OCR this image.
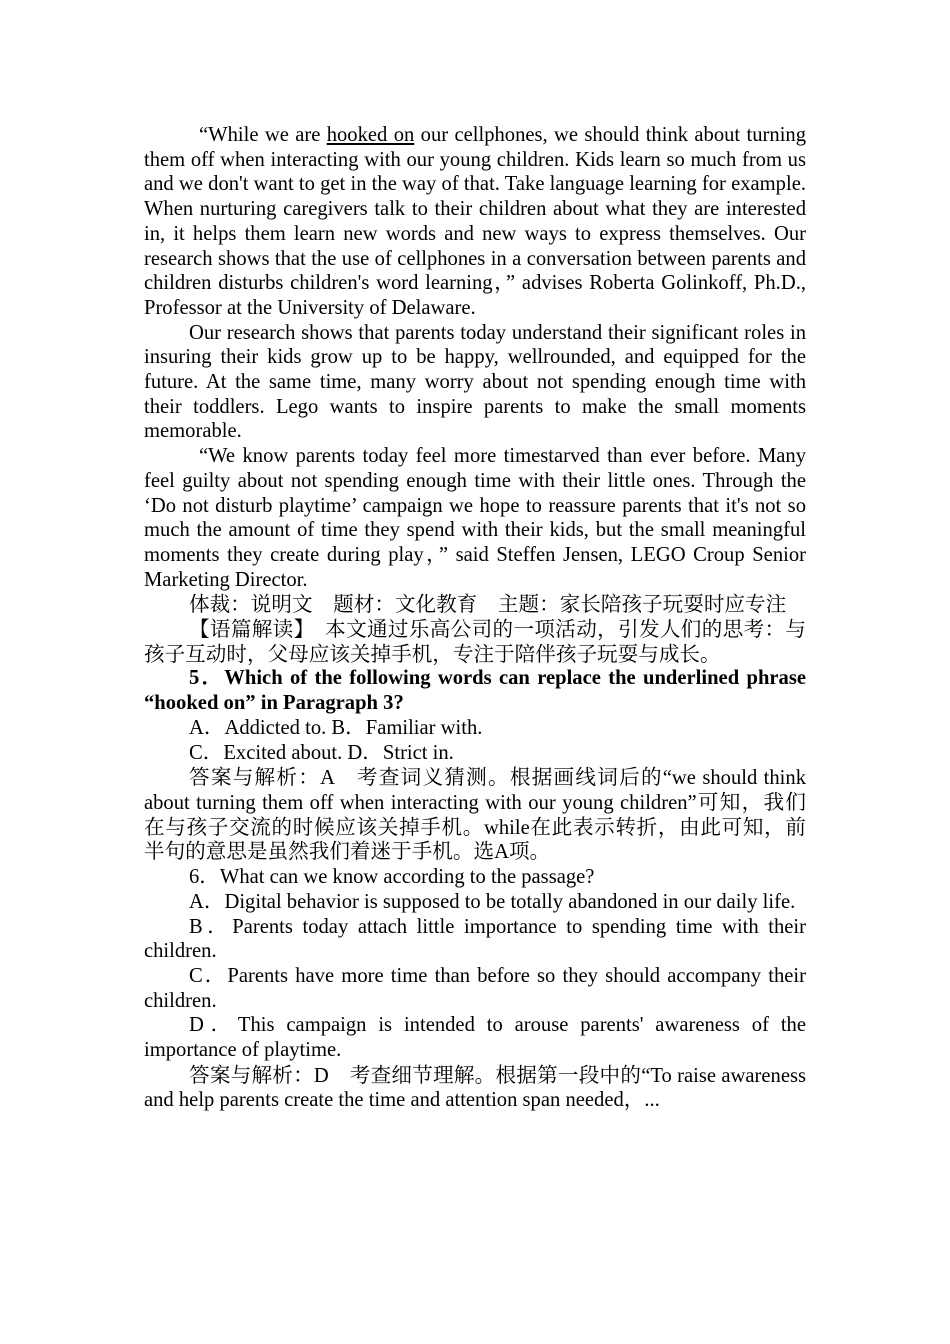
“While we are hooked on our cellphones, we should think about turning them off when interacting with our young children. Kids learn so much from us and we don't want to get in the way of that. Take language learning for example. When nurturing caregivers talk to their children about what they are interested in, it helps them learn new words and new ways to express themselves. Our research shows that the use of cellphones in a conversation between parents and children disturbs children's word learning，” advises Roberta Golinkoff, Ph.D., Professor at the University of Delaware.

Our research shows that parents today understand their significant roles in insuring their kids grow up to be happy, wellrounded, and equipped for the future. At the same time, many worry about not spending enough time with their toddlers. Lego wants to inspire parents to make the small moments memorable.

“We know parents today feel more timestarved than ever before. Many feel guilty about not spending enough time with their little ones. Through the ‘Do not disturb playtime’ campaign we hope to reassure parents that it's not so much the amount of time they spend with their kids, but the small meaningful moments they create during play，” said Steffen Jensen, LEGO Croup Senior Marketing Director.

体裁：说明文　题材：文化教育　主题：家长陪孩子玩耍时应专注

【语篇解读】　本文通过乐高公司的一项活动，引发人们的思考：与孩子互动时，父母应该关掉手机，专注于陪伴孩子玩耍与成长。

5．Which of the following words can replace the underlined phrase “hooked on” in Paragraph 3?

A．Addicted to. B．Familiar with.

C．Excited about. D．Strict in.

答案与解析：A　考查词义猜测。根据画线词后的“we should think about turning them off when interacting with our young children”可知，我们在与孩子交流的时候应该关掉手机。while在此表示转折，由此可知，前半句的意思是虽然我们着迷于手机。选A项。

6．What can we know according to the passage?

A．Digital behavior is supposed to be totally abandoned in our daily life.

B．Parents today attach little importance to spending time with their children.

C．Parents have more time than before so they should accompany their children.

D．This campaign is intended to arouse parents' awareness of the importance of playtime.

答案与解析：D　考查细节理解。根据第一段中的“To raise awareness and help parents create the time and attention span needed，...
